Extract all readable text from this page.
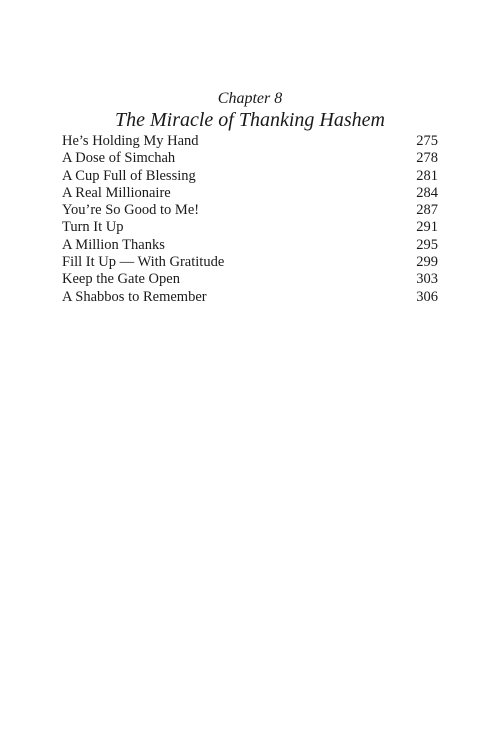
Chapter 8
The Miracle of Thanking Hashem
He’s Holding My Hand	275
A Dose of Simchah	278
A Cup Full of Blessing	281
A Real Millionaire	284
You’re So Good to Me!	287
Turn It Up	291
A Million Thanks	295
Fill It Up — With Gratitude	299
Keep the Gate Open	303
A Shabbos to Remember	306
